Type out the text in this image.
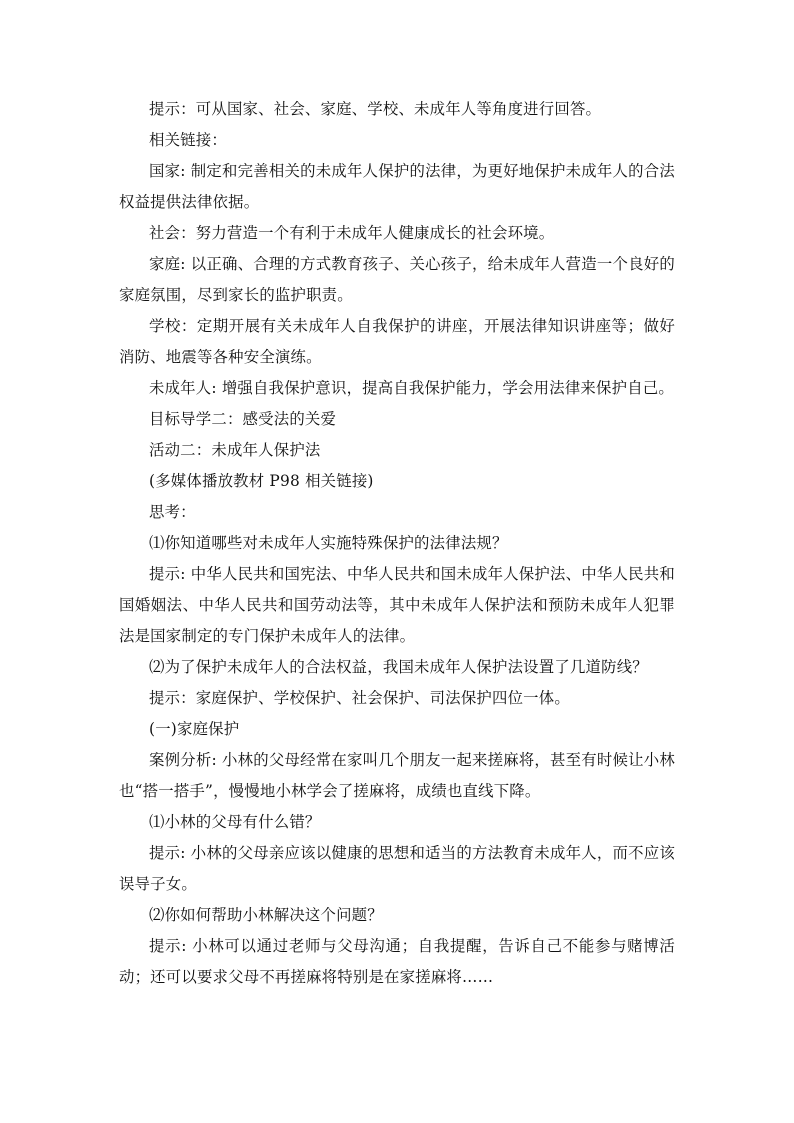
提示：可从国家、社会、家庭、学校、未成年人等角度进行回答。

相关链接：

国家: 制定和完善相关的未成年人保护的法律，为更好地保护未成年人的合法权益提供法律依据。

社会：努力营造一个有利于未成年人健康成长的社会环境。

家庭: 以正确、合理的方式教育孩子、关心孩子，给未成年人营造一个良好的家庭氛围，尽到家长的监护职责。

学校：定期开展有关未成年人自我保护的讲座，开展法律知识讲座等；做好消防、地震等各种安全演练。

未成年人: 增强自我保护意识，提高自我保护能力，学会用法律来保护自己。

目标导学二：感受法的关爱

活动二：未成年人保护法

(多媒体播放教材 P98 相关链接)

思考：

⑴你知道哪些对未成年人实施特殊保护的法律法规？

提示: 中华人民共和国宪法、中华人民共和国未成年人保护法、中华人民共和国婚姻法、中华人民共和国劳动法等，其中未成年人保护法和预防未成年人犯罪法是国家制定的专门保护未成年人的法律。

⑵为了保护未成年人的合法权益，我国未成年人保护法设置了几道防线？

提示：家庭保护、学校保护、社会保护、司法保护四位一体。

(一)家庭保护

案例分析: 小林的父母经常在家叫几个朋友一起来搓麻将，甚至有时候让小林也“搭一搭手”，慢慢地小林学会了搓麻将，成绩也直线下降。

⑴小林的父母有什么错？

提示: 小林的父母亲应该以健康的思想和适当的方法教育未成年人，而不应该误导子女。

⑵你如何帮助小林解决这个问题？

提示: 小林可以通过老师与父母沟通；自我提醒，告诉自己不能参与赌博活动；还可以要求父母不再搓麻将特别是在家搓麻将……
